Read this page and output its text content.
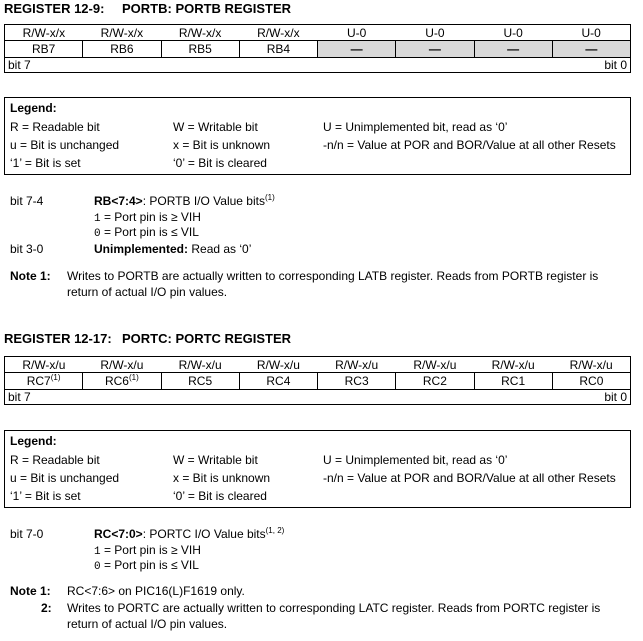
REGISTER 12-9: PORTB: PORTB REGISTER
R/W-x/x	R/W-x/x	R/W-x/x	R/W-x/x	U-0	U-0	U-0	U-0
RB7	RB6	RB5	RB4	—	—	—	—
bit 7				bit 0			
Legend:
R = Readable bit	W = Writable bit	U = Unimplemented bit, read as ‘0’
u = Bit is unchanged	x = Bit is unknown	-n/n = Value at POR and BOR/Value at all other Resets
‘1’ = Bit is set	‘0’ = Bit is cleared
bit 7-4	RB<7:4>: PORTB I/O Value bits$^{(1)}$
1 = Port pin is ≥ VIH
0 = Port pin is ≤ VIL
bit 3-0	Unimplemented: Read as ‘0’
Note 1: Writes to PORTB are actually written to corresponding LATB register. Reads from PORTB register is return of actual I/O pin values.
REGISTER 12-17: PORTC: PORTC REGISTER
R/W-x/u	R/W-x/u	R/W-x/u	R/W-x/u	R/W-x/u	R/W-x/u	R/W-x/u	R/W-x/u
RC7$^{(1)}$	RC6$^{(1)}$	RC5	RC4	RC3	RC2	RC1	RC0
bit 7				bit 0			
Legend:
R = Readable bit	W = Writable bit	U = Unimplemented bit, read as ‘0’
u = Bit is unchanged	x = Bit is unknown	-n/n = Value at POR and BOR/Value at all other Resets
‘1’ = Bit is set	‘0’ = Bit is cleared
bit 7-0	RC<7:0>: PORTC I/O Value bits$^{(1, 2)}$
1 = Port pin is ≥ VIH
0 = Port pin is ≤ VIL
Note 1: RC<7:6> on PIC16(L)F1619 only.
2: Writes to PORTC are actually written to corresponding LATC register. Reads from PORTC register is return of actual I/O pin values.
